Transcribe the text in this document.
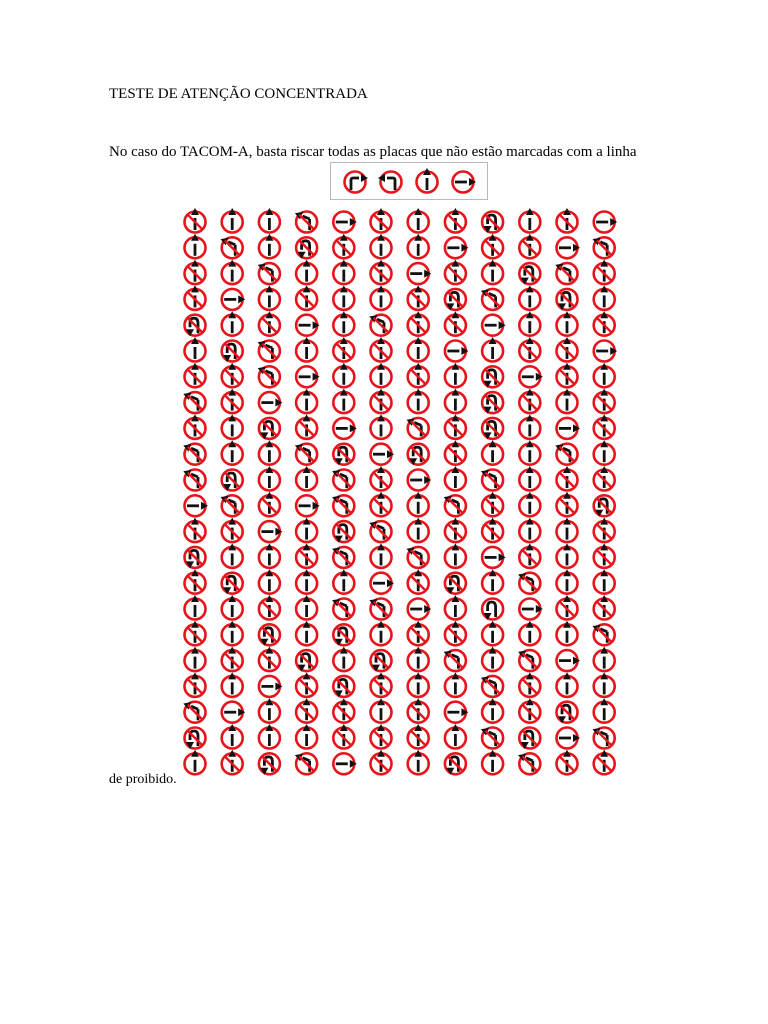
TESTE DE ATENÇÃO CONCENTRADA
No caso do TACOM-A, basta riscar todas as placas que não estão marcadas com a linha
de proibido.
